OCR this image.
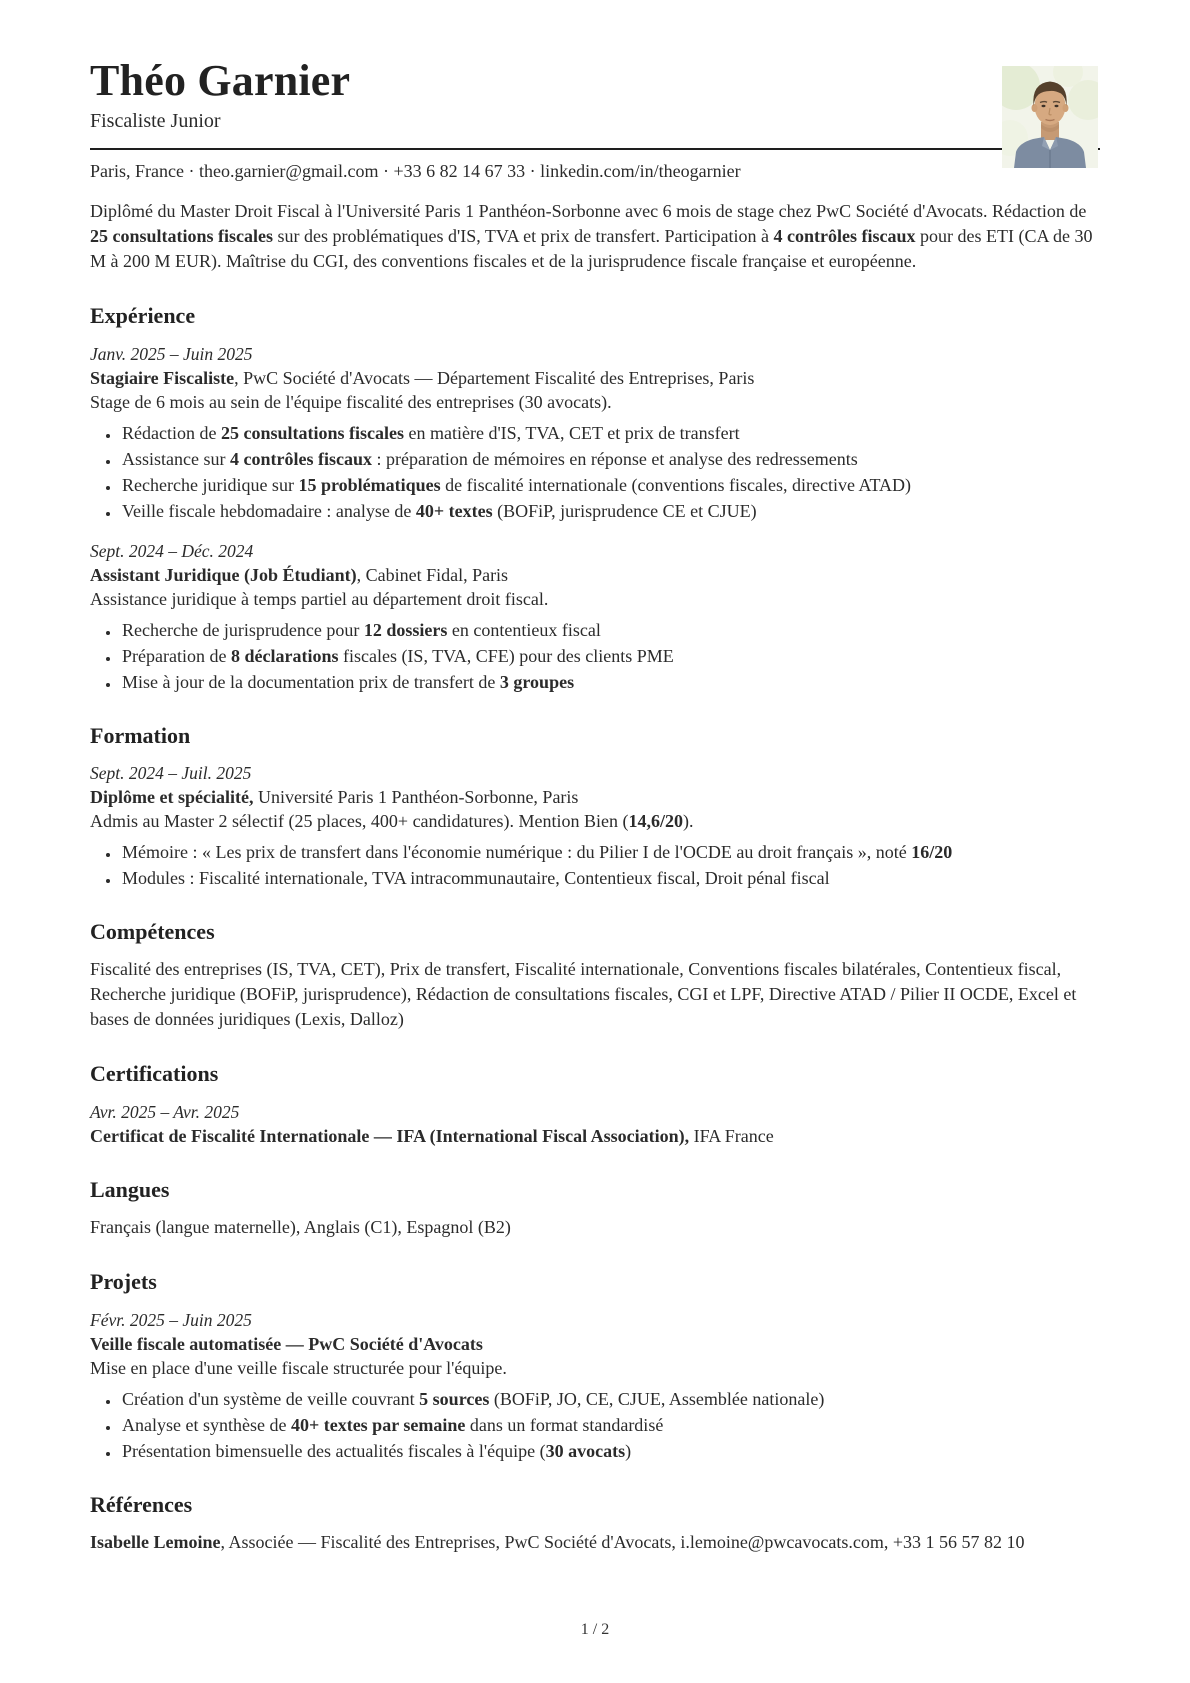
Théo Garnier
Fiscaliste Junior
Paris, France · theo.garnier@gmail.com · +33 6 82 14 67 33 · linkedin.com/in/theogarnier

Diplômé du Master Droit Fiscal à l'Université Paris 1 Panthéon-Sorbonne avec 6 mois de stage chez PwC Société d'Avocats. Rédaction de 25 consultations fiscales sur des problématiques d'IS, TVA et prix de transfert. Participation à 4 contrôles fiscaux pour des ETI (CA de 30 M à 200 M EUR). Maîtrise du CGI, des conventions fiscales et de la jurisprudence fiscale française et européenne.

Expérience
Janv. 2025 – Juin 2025
Stagiaire Fiscaliste, PwC Société d'Avocats — Département Fiscalité des Entreprises, Paris
Stage de 6 mois au sein de l'équipe fiscalité des entreprises (30 avocats).
• Rédaction de 25 consultations fiscales en matière d'IS, TVA, CET et prix de transfert
• Assistance sur 4 contrôles fiscaux : préparation de mémoires en réponse et analyse des redressements
• Recherche juridique sur 15 problématiques de fiscalité internationale (conventions fiscales, directive ATAD)
• Veille fiscale hebdomadaire : analyse de 40+ textes (BOFiP, jurisprudence CE et CJUE)
Sept. 2024 – Déc. 2024
Assistant Juridique (Job Étudiant), Cabinet Fidal, Paris
Assistance juridique à temps partiel au département droit fiscal.
• Recherche de jurisprudence pour 12 dossiers en contentieux fiscal
• Préparation de 8 déclarations fiscales (IS, TVA, CFE) pour des clients PME
• Mise à jour de la documentation prix de transfert de 3 groupes
Formation
Sept. 2024 – Juil. 2025
Diplôme et spécialité, Université Paris 1 Panthéon-Sorbonne, Paris
Admis au Master 2 sélectif (25 places, 400+ candidatures). Mention Bien (14,6/20).
• Mémoire : « Les prix de transfert dans l'économie numérique : du Pilier I de l'OCDE au droit français », noté 16/20
• Modules : Fiscalité internationale, TVA intracommunautaire, Contentieux fiscal, Droit pénal fiscal
Compétences

Fiscalité des entreprises (IS, TVA, CET), Prix de transfert, Fiscalité internationale, Conventions fiscales bilatérales, Contentieux fiscal, Recherche juridique (BOFiP, jurisprudence), Rédaction de consultations fiscales, CGI et LPF, Directive ATAD / Pilier II OCDE, Excel et bases de données juridiques (Lexis, Dalloz)

Certifications
Avr. 2025 – Avr. 2025
Certificat de Fiscalité Internationale — IFA (International Fiscal Association), IFA France
Langues

Français (langue maternelle), Anglais (C1), Espagnol (B2)

Projets
Févr. 2025 – Juin 2025
Veille fiscale automatisée — PwC Société d'Avocats
Mise en place d'une veille fiscale structurée pour l'équipe.
• Création d'un système de veille couvrant 5 sources (BOFiP, JO, CE, CJUE, Assemblée nationale)
• Analyse et synthèse de 40+ textes par semaine dans un format standardisé
• Présentation bimensuelle des actualités fiscales à l'équipe (30 avocats)
Références

Isabelle Lemoine, Associée — Fiscalité des Entreprises, PwC Société d'Avocats, i.lemoine@pwcavocats.com, +33 1 56 57 82 10

1 / 2
